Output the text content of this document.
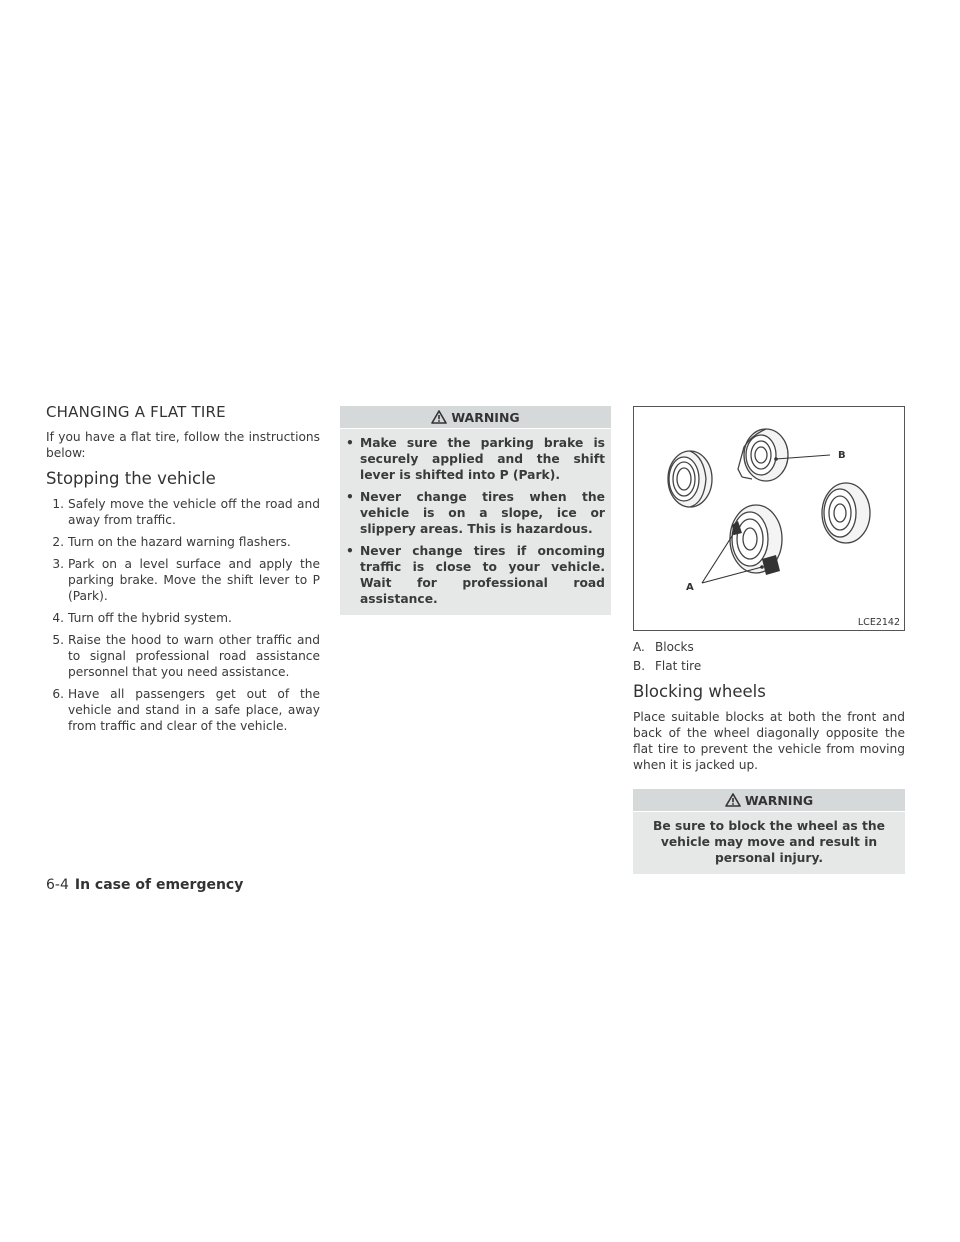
CHANGING A FLAT TIRE

If you have a flat tire, follow the instructions below:

Stopping the vehicle
1. Safely move the vehicle off the road and away from traffic.
2. Turn on the hazard warning flashers.
3. Park on a level surface and apply the parking brake. Move the shift lever to P (Park).
4. Turn off the hybrid system.
5. Raise the hood to warn other traffic and to signal professional road assistance personnel that you need assistance.
6. Have all passengers get out of the vehicle and stand in a safe place, away from traffic and clear of the vehicle.
WARNING

• Make sure the parking brake is securely applied and the shift lever is shifted into P (Park).

• Never change tires when the vehicle is on a slope, ice or slippery areas. This is hazardous.

• Never change tires if oncoming traffic is close to your vehicle. Wait for professional road assistance.

B
A
LCE2142
A. Blocks
B. Flat tire
Blocking wheels

Place suitable blocks at both the front and back of the wheel diagonally opposite the flat tire to prevent the vehicle from moving when it is jacked up.

WARNING
Be sure to block the wheel as the vehicle may move and result in personal injury.
6-4 In case of emergency
